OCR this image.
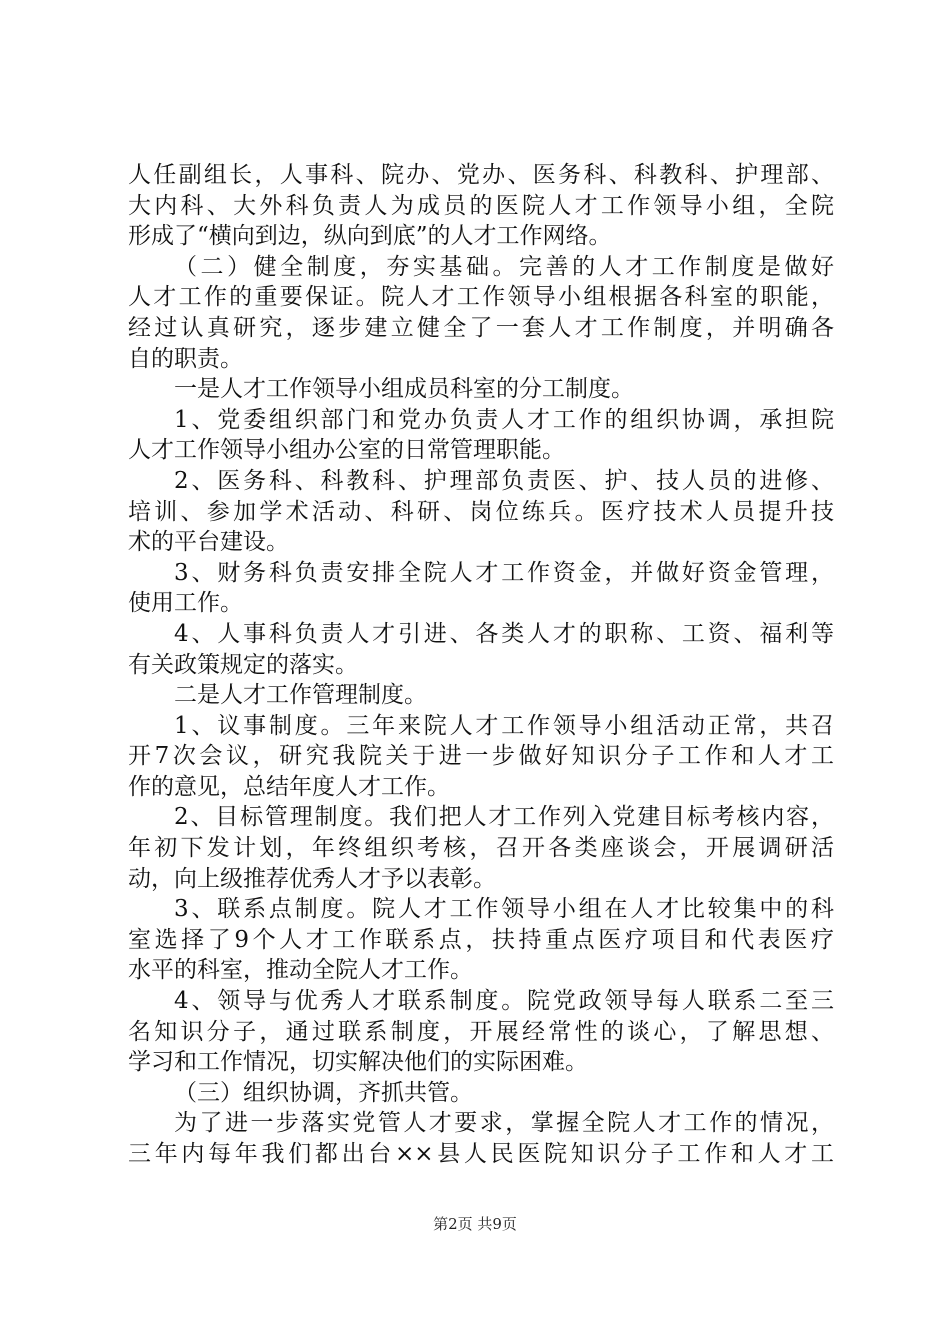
人任副组长，人事科、院办、党办、医务科、科教科、护理部、
大内科、大外科负责人为成员的医院人才工作领导小组，全院
形成了“横向到边，纵向到底”的人才工作网络。
（二）健全制度，夯实基础。完善的人才工作制度是做好
人才工作的重要保证。院人才工作领导小组根据各科室的职能，
经过认真研究，逐步建立健全了一套人才工作制度，并明确各
自的职责。
一是人才工作领导小组成员科室的分工制度。
1、党委组织部门和党办负责人才工作的组织协调，承担院
人才工作领导小组办公室的日常管理职能。
2、医务科、科教科、护理部负责医、护、技人员的进修、
培训、参加学术活动、科研、岗位练兵。医疗技术人员提升技
术的平台建设。
3、财务科负责安排全院人才工作资金，并做好资金管理，
使用工作。
4、人事科负责人才引进、各类人才的职称、工资、福利等
有关政策规定的落实。
二是人才工作管理制度。
1、议事制度。三年来院人才工作领导小组活动正常，共召
开7次会议，研究我院关于进一步做好知识分子工作和人才工
作的意见，总结年度人才工作。
2、目标管理制度。我们把人才工作列入党建目标考核内容，
年初下发计划，年终组织考核，召开各类座谈会，开展调研活
动，向上级推荐优秀人才予以表彰。
3、联系点制度。院人才工作领导小组在人才比较集中的科
室选择了9个人才工作联系点，扶持重点医疗项目和代表医疗
水平的科室，推动全院人才工作。
4、领导与优秀人才联系制度。院党政领导每人联系二至三
名知识分子，通过联系制度，开展经常性的谈心，了解思想、
学习和工作情况，切实解决他们的实际困难。
（三）组织协调，齐抓共管。
为了进一步落实党管人才要求，掌握全院人才工作的情况，
三年内每年我们都出台××县人民医院知识分子工作和人才工
第2页 共9页
